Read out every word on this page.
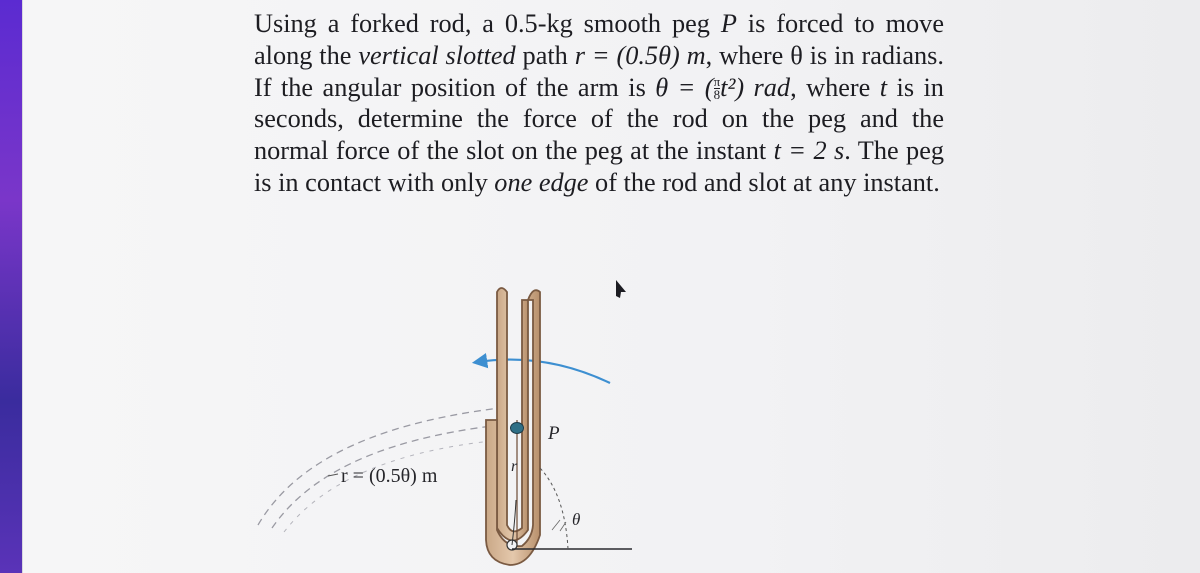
Using a forked rod, a 0.5-kg smooth peg P is forced to move along the vertical slotted path r = (0.5θ) m, where θ is in radians. If the angular position of the arm is θ = ( $\frac{\pi}{8} t^2$) rad, where t is in seconds, determine the force of the rod on the peg and the normal force of the slot on the peg at the instant t = 2 s. The peg is in contact with only one edge of the rod and slot at any instant.

r = (0.5θ) m
P
r
θ
